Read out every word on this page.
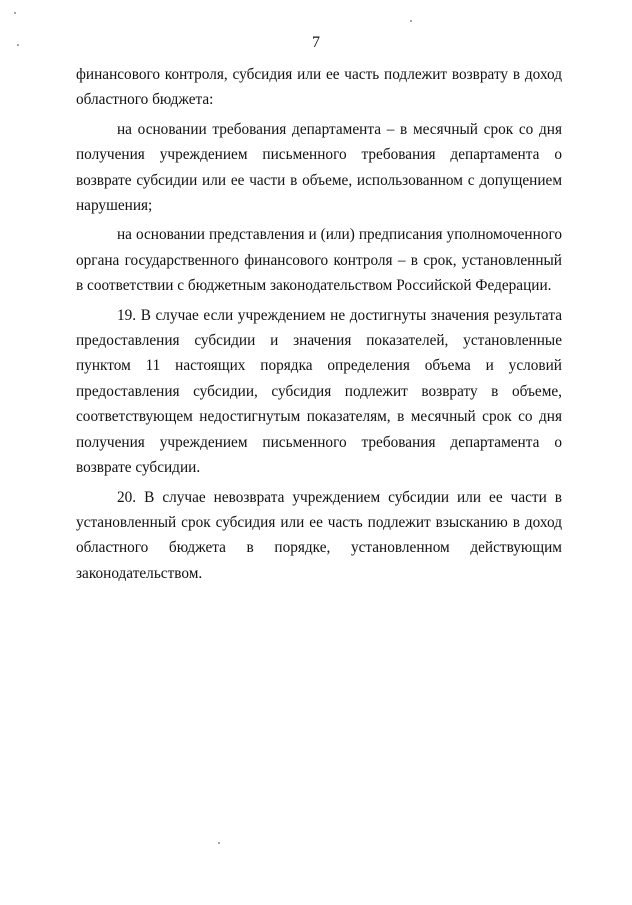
7

финансового контроля, субсидия или ее часть подлежит возврату в доход областного бюджета:

на основании требования департамента – в месячный срок со дня получения учреждением письменного требования департамента о возврате субсидии или ее части в объеме, использованном с допущением нарушения;

на основании представления и (или) предписания уполномоченного органа государственного финансового контроля – в срок, установленный в соответствии с бюджетным законодательством Российской Федерации.

19. В случае если учреждением не достигнуты значения результата предоставления субсидии и значения показателей, установленные пунктом 11 настоящих порядка определения объема и условий предоставления субсидии, субсидия подлежит возврату в объеме, соответствующем недостигнутым показателям, в месячный срок со дня получения учреждением письменного требования департамента о возврате субсидии.

20. В случае невозврата учреждением субсидии или ее части в установленный срок субсидия или ее часть подлежит взысканию в доход областного бюджета в порядке, установленном действующим законодательством.
